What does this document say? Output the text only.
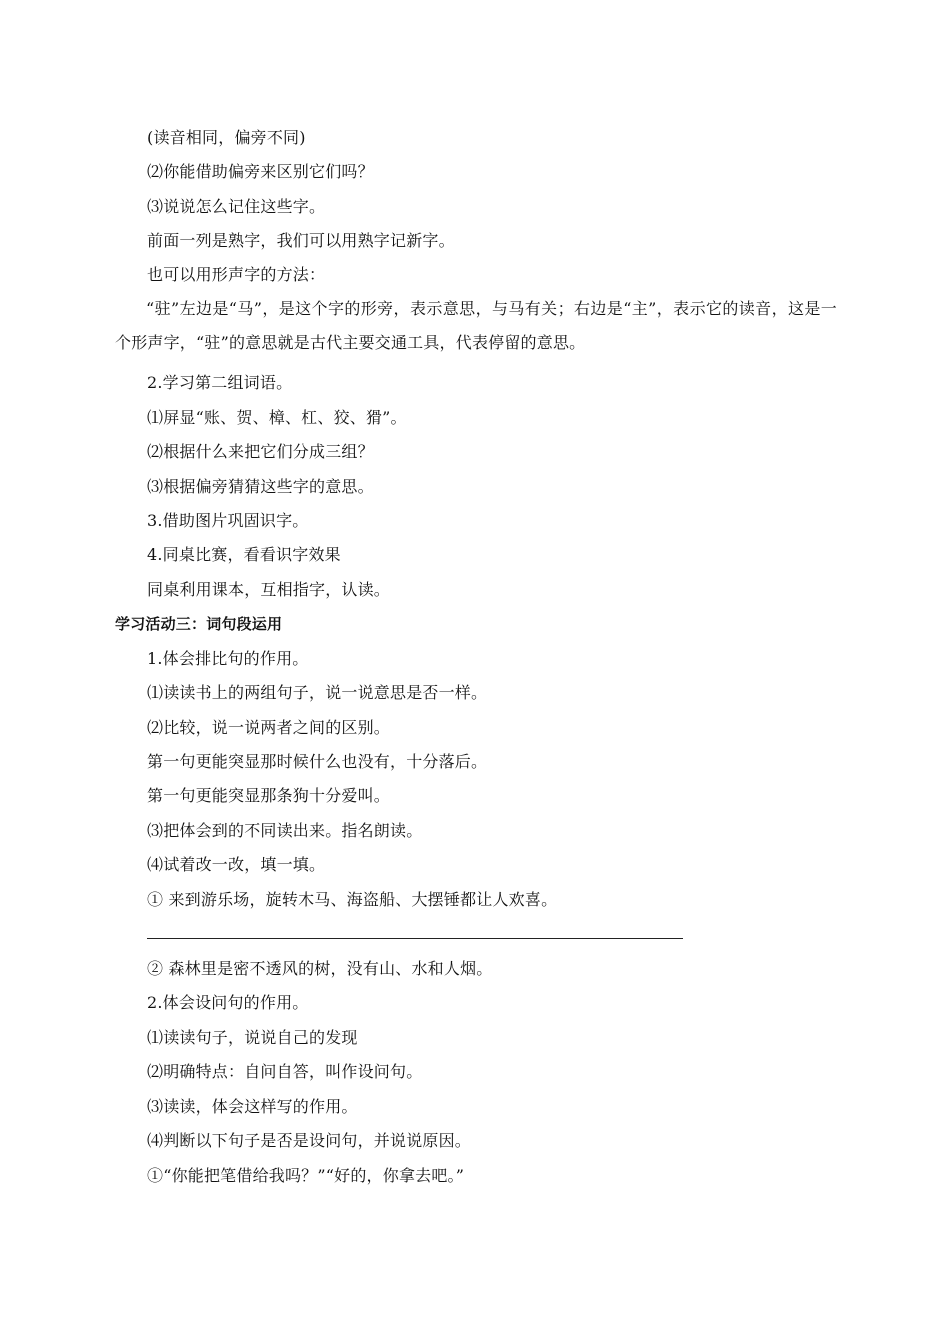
(读音相同，偏旁不同)
⑵你能借助偏旁来区别它们吗？
⑶说说怎么记住这些字。
前面一列是熟字，我们可以用熟字记新字。
也可以用形声字的方法：
“驻”左边是“马”，是这个字的形旁，表示意思，与马有关；右边是“主”，表示它的读音，这是一个形声字，“驻”的意思就是古代主要交通工具，代表停留的意思。
2.学习第二组词语。
⑴屏显“账、贺、樟、杠、狡、猾”。
⑵根据什么来把它们分成三组？
⑶根据偏旁猜猜这些字的意思。
3.借助图片巩固识字。
4.同桌比赛，看看识字效果
同桌利用课本，互相指字，认读。
学习活动三：词句段运用
1.体会排比句的作用。
⑴读读书上的两组句子，说一说意思是否一样。
⑵比较，说一说两者之间的区别。
第一句更能突显那时候什么也没有，十分落后。
第一句更能突显那条狗十分爱叫。
⑶把体会到的不同读出来。指名朗读。
⑷试着改一改，填一填。
① 来到游乐场，旋转木马、海盗船、大摆锤都让人欢喜。
② 森林里是密不透风的树，没有山、水和人烟。
2.体会设问句的作用。
⑴读读句子，说说自己的发现
⑵明确特点：自问自答，叫作设问句。
⑶读读，体会这样写的作用。
⑷判断以下句子是否是设问句，并说说原因。
①“你能把笔借给我吗？”“好的，你拿去吧。”
